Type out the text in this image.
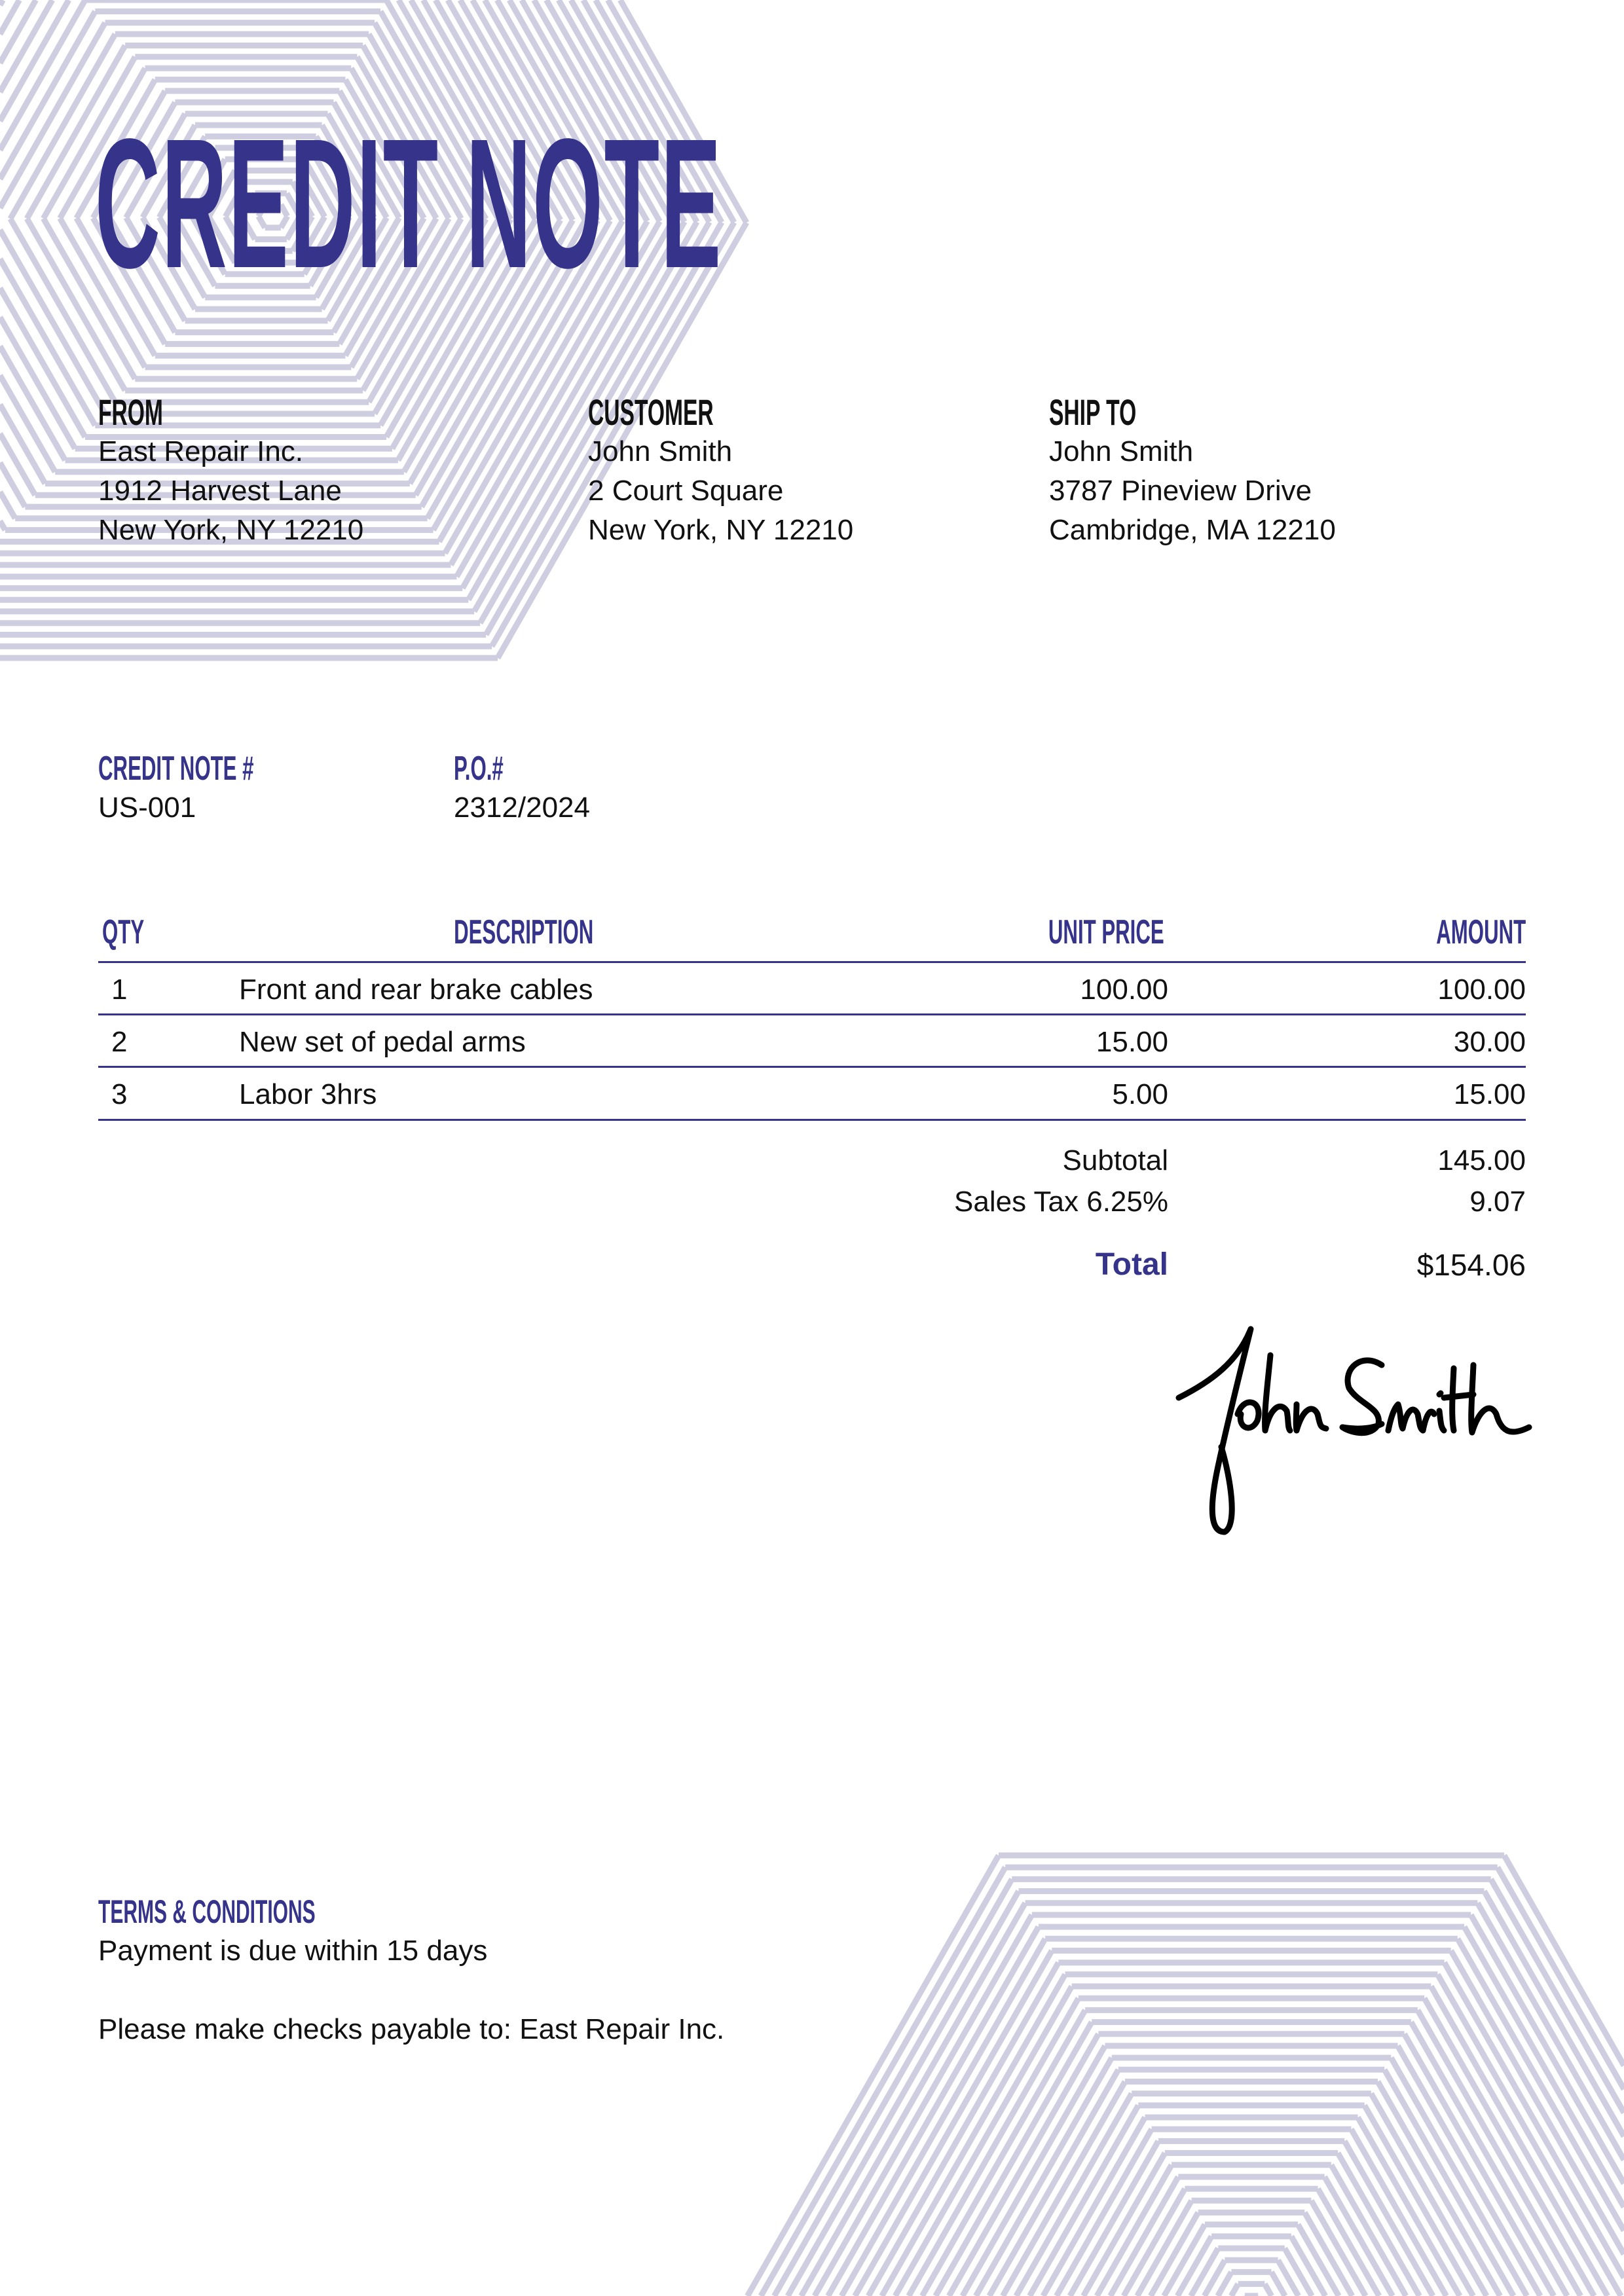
CREDIT NOTE
FROM
East Repair Inc.
1912 Harvest Lane
New York, NY 12210
CUSTOMER
John Smith
2 Court Square
New York, NY 12210
SHIP TO
John Smith
3787 Pineview Drive
Cambridge, MA 12210
CREDIT NOTE #
US-001
P.O.#
2312/2024
QTY	DESCRIPTION	UNIT PRICE	AMOUNT
1	Front and rear brake cables	100.00	100.00
2	New set of pedal arms	15.00	30.00
3	Labor 3hrs	5.00	15.00
Subtotal	145.00
Sales Tax 6.25%	9.07
Total	$154.06
TERMS & CONDITIONS
Payment is due within 15 days
Please make checks payable to: East Repair Inc.
